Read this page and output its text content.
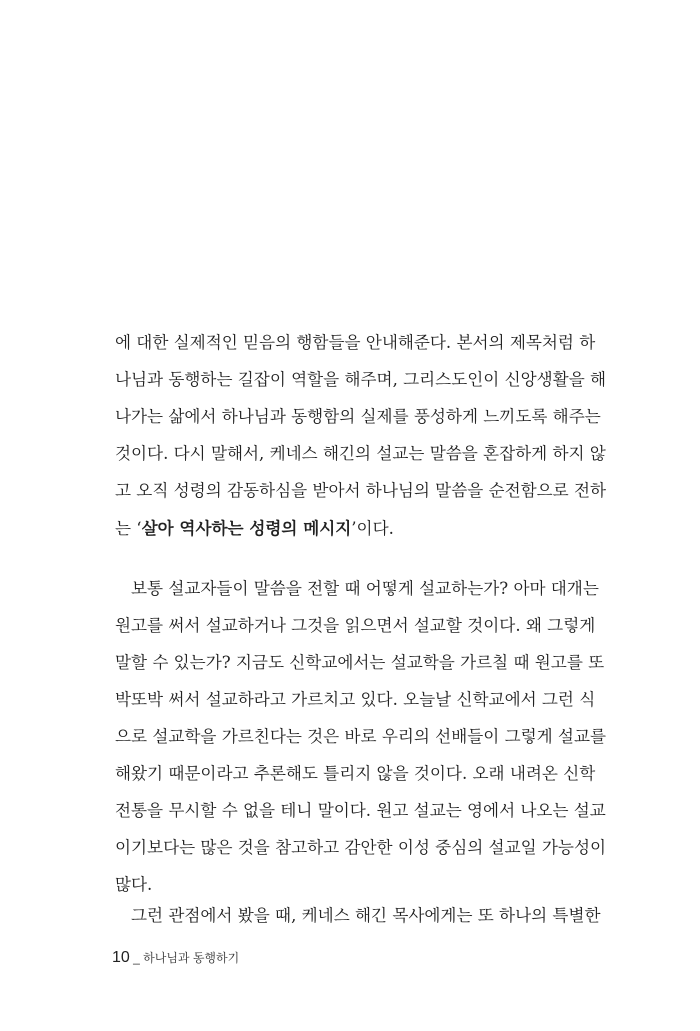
에 대한 실제적인 믿음의 행함들을 안내해준다. 본서의 제목처럼 하
나님과 동행하는 길잡이 역할을 해주며, 그리스도인이 신앙생활을 해
나가는 삶에서 하나님과 동행함의 실제를 풍성하게 느끼도록 해주는
것이다. 다시 말해서, 케네스 해긴의 설교는 말씀을 혼잡하게 하지 않
고 오직 성령의 감동하심을 받아서 하나님의 말씀을 순전함으로 전하
는 ‘살아 역사하는 성령의 메시지’이다.
보통 설교자들이 말씀을 전할 때 어떻게 설교하는가? 아마 대개는
원고를 써서 설교하거나 그것을 읽으면서 설교할 것이다. 왜 그렇게
말할 수 있는가? 지금도 신학교에서는 설교학을 가르칠 때 원고를 또
박또박 써서 설교하라고 가르치고 있다. 오늘날 신학교에서 그런 식
으로 설교학을 가르친다는 것은 바로 우리의 선배들이 그렇게 설교를
해왔기 때문이라고 추론해도 틀리지 않을 것이다. 오래 내려온 신학
전통을 무시할 수 없을 테니 말이다. 원고 설교는 영에서 나오는 설교
이기보다는 많은 것을 참고하고 감안한 이성 중심의 설교일 가능성이
많다.
그런 관점에서 봤을 때, 케네스 해긴 목사에게는 또 하나의 특별한
10 _ 하나님과 동행하기
